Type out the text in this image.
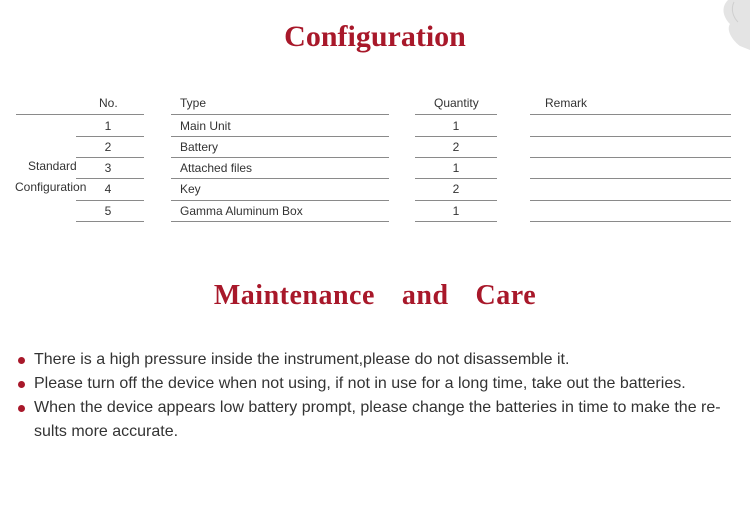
Configuration
No.	Type	Quantity	Remark
Standard
Configuration
1	Main Unit	1
2	Battery	2
3	Attached files	1
4	Key	2
5	Gamma Aluminum Box	1
Maintenance  and  Care
There is a high pressure inside the instrument,please do not disassemble it.
Please turn off the device when not using, if not in use for a long time, take out the batteries.
When the device appears low battery prompt, please change the batteries in time to make the re-sults more accurate.
